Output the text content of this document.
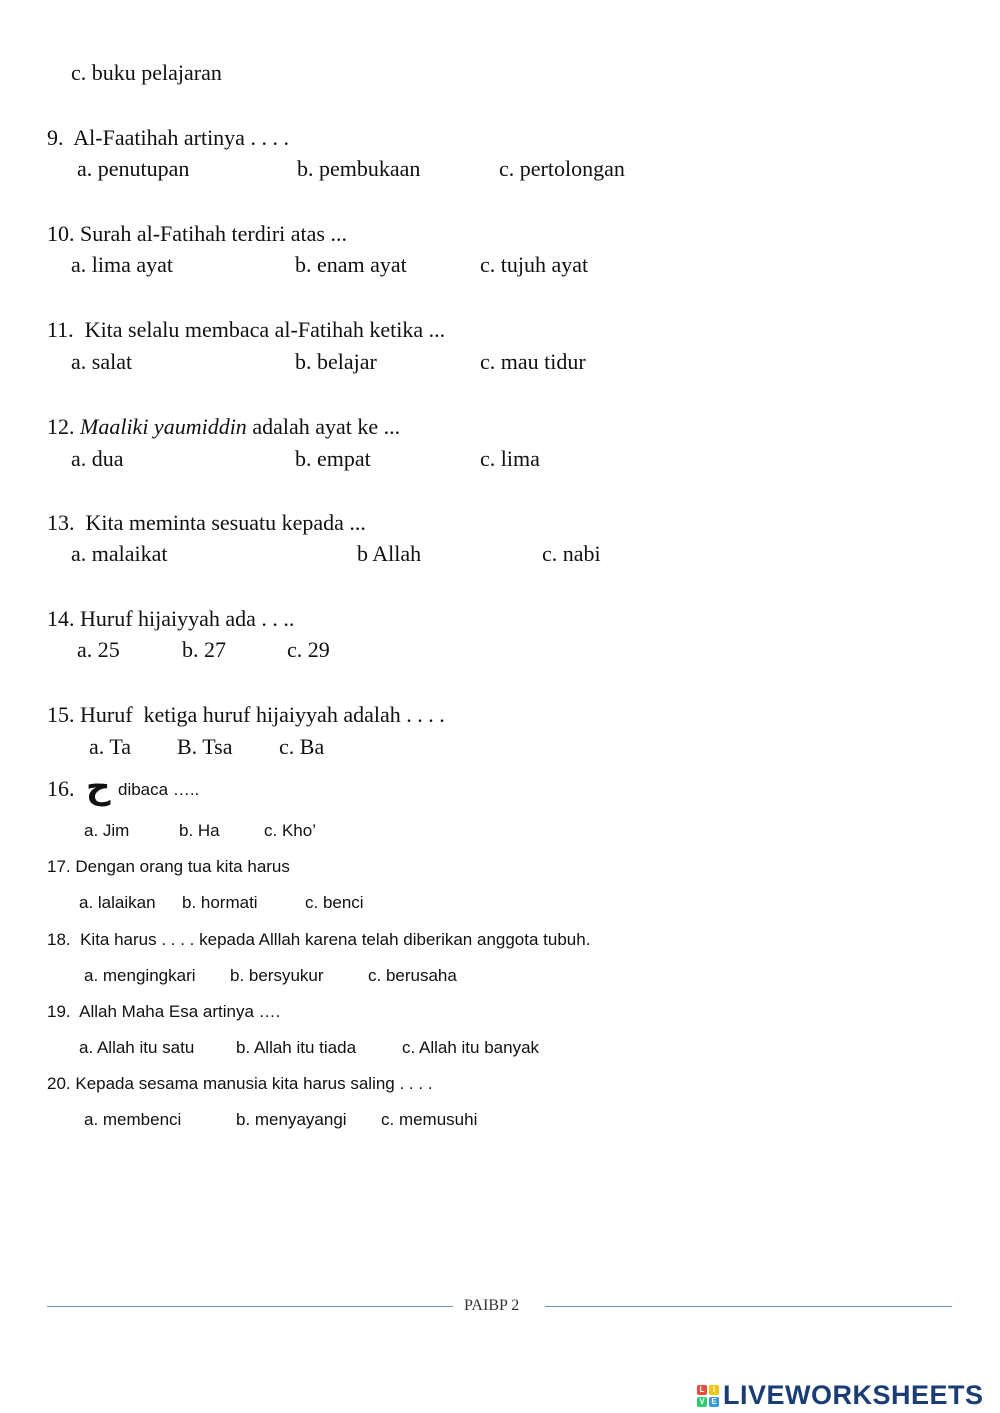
c. buku pelajaran
9.  Al-Faatihah artinya . . . .
a. penutupan	b. pembukaan	c. pertolongan
10. Surah al-Fatihah terdiri atas ...
a. lima ayat	b. enam ayat	c. tujuh ayat
11.  Kita selalu membaca al-Fatihah ketika ...
a. salat	b. belajar	c. mau tidur
12. Maaliki yaumiddin adalah ayat ke ...
a. dua	b. empat	c. lima
13.  Kita meminta sesuatu kepada ...
a. malaikat	b Allah	c. nabi
14. Huruf hijaiyyah ada . . ..
a. 25	b. 27	c. 29
15. Huruf  ketiga huruf hijaiyyah adalah . . . .
a. Ta B. Tsa c. Ba
16. ح dibaca …..
a. Jim	b. Ha	c. Kho’
17. Dengan orang tua kita harus
a. lalaikan b. hormati	c. benci
18.  Kita harus . . . . kepada Alllah karena telah diberikan anggota tubuh.
a. mengingkari b. bersyukur	c. berusaha
19.  Allah Maha Esa artinya ….
a. Allah itu satu b. Allah itu tiada	c. Allah itu banyak
20. Kepada sesama manusia kita harus saling . . . .
a. membenci	b. menyayangi c. memusuhi
PAIBP 2
L	I
V E LIVEWORKSHEETS
